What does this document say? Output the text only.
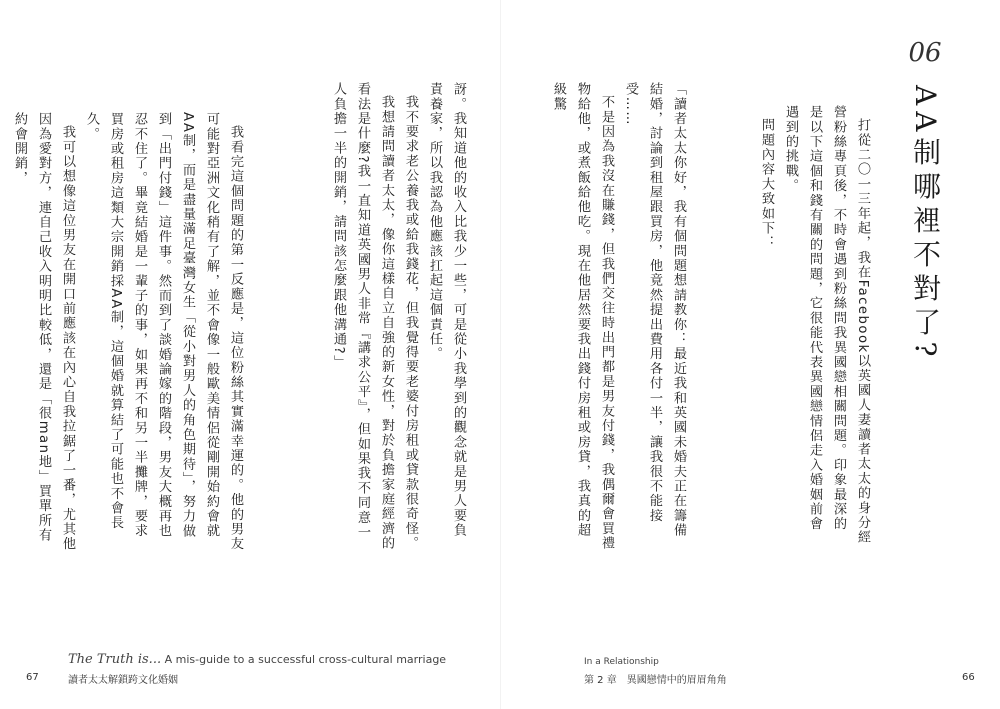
06
AA制哪裡不對了?

打從二〇一三年起，我在Facebook以英國人妻讀者太太的身分經營粉絲專頁後，不時會遇到粉絲問我異國戀相關問題。印象最深的是以下這個和錢有關的問題，它很能代表異國戀情侶走入婚姻前會遇到的挑戰。

問題內容大致如下：

「讀者太太你好，我有個問題想請教你：最近我和英國未婚夫正在籌備結婚，討論到租屋跟買房，他竟然提出費用各付一半，讓我很不能接受……

不是因為我沒在賺錢，但我們交往時出門都是男友付錢，我偶爾會買禮物給他，或煮飯給他吃。現在他居然要我出錢付房租或房貸，我真的超級驚

訝。我知道他的收入比我少一些，可是從小我學到的觀念就是男人要負責養家，所以我認為他應該扛起這個責任。

我不要求老公養我或給我錢花，但我覺得要老婆付房租或貸款很奇怪。

我想請問讀者太太，像你這樣自立自強的新女性，對於負擔家庭經濟的看法是什麼?我一直知道英國男人非常『講求公平』，但如果我不同意一人負擔一半的開銷，請問該怎麼跟他溝通?」

我看完這個問題的第一反應是，這位粉絲其實滿幸運的。他的男友可能對亞洲文化稍有了解，並不會像一般歐美情侶從剛開始約會就AA制，而是盡量滿足臺灣女生「從小對男人的角色期待」，努力做到「出門付錢」這件事。然而到了談婚論嫁的階段，男友大概再也忍不住了。畢竟結婚是一輩子的事，如果再不和另一半攤牌，要求買房或租房這類大宗開銷採AA制，這個婚就算結了可能也不會長久。

我可以想像這位男友在開口前應該在內心自我拉鋸了一番，尤其他因為愛對方，連自己收入明明比較低，還是「很man地」買單所有約會開銷，

The Truth is... A mis-guide to a successful cross-cultural marriage
讀者太太解鎖跨文化婚姻
67
In a Relationship
第 2 章　異國戀情中的眉眉角角	66
